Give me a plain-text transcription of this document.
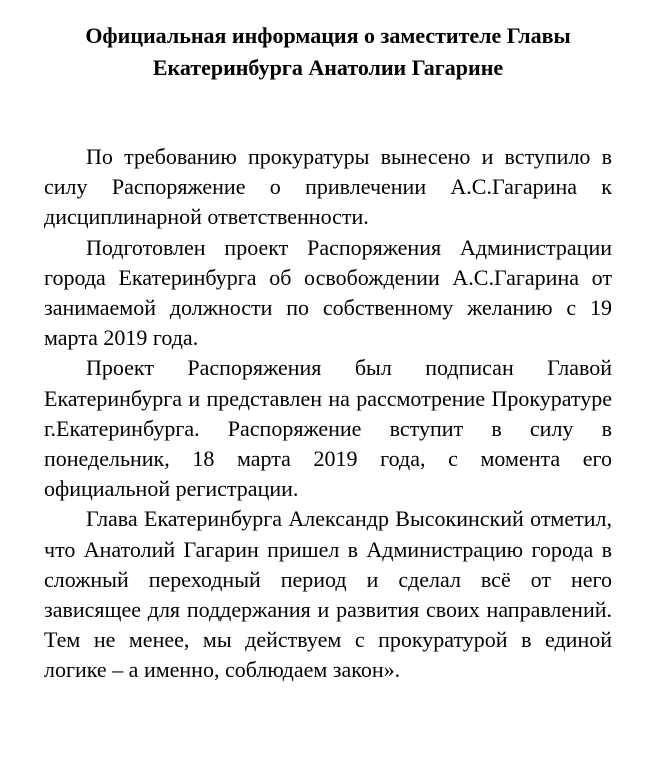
Официальная информация о заместителе Главы Екатеринбурга Анатолии Гагарине

По требованию прокуратуры вынесено и вступило в силу Распоряжение о привлечении А.С.Гагарина к дисциплинарной ответственности.

Подготовлен проект Распоряжения Администрации города Екатеринбурга об освобождении А.С.Гагарина от занимаемой должности по собственному желанию с 19 марта 2019 года.

Проект Распоряжения был подписан Главой Екатеринбурга и представлен на рассмотрение Прокуратуре г.Екатеринбурга. Распоряжение вступит в силу в понедельник, 18 марта 2019 года, с момента его официальной регистрации.

Глава Екатеринбурга Александр Высокинский отметил, что Анатолий Гагарин пришел в Администрацию города в сложный переходный период и сделал всё от него зависящее для поддержания и развития своих направлений. Тем не менее, мы действуем с прокуратурой в единой логике – а именно, соблюдаем закон».
